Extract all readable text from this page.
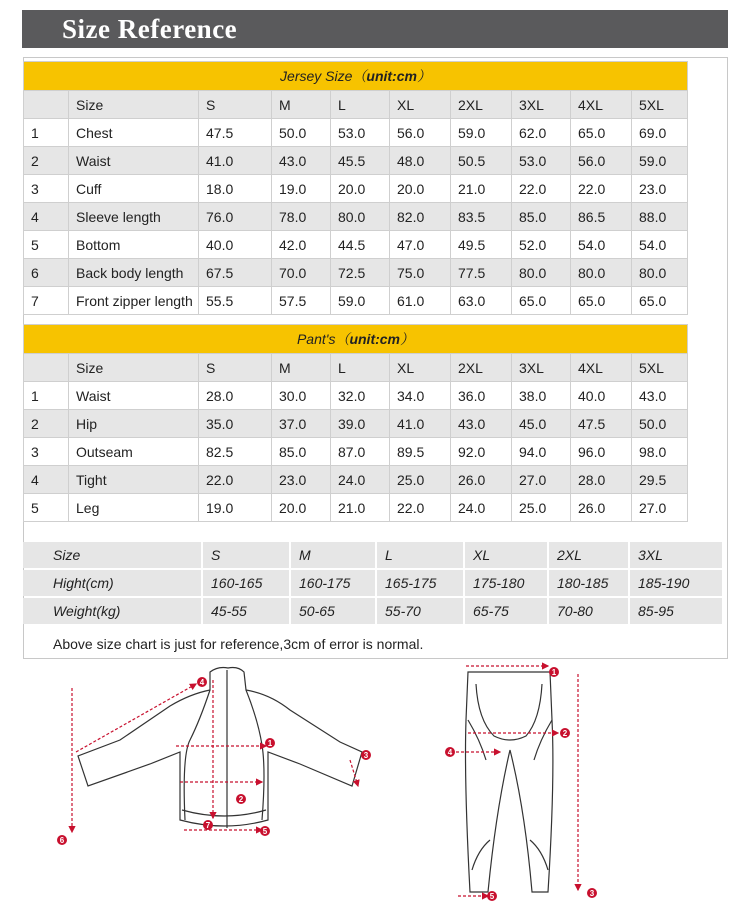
Size Reference
Jersey Size（unit:cm）									
	Size	S	M	L	XL	2XL	3XL	4XL	5XL
1	Chest	47.5	50.0	53.0	56.0	59.0	62.0	65.0	69.0
2	Waist	41.0	43.0	45.5	48.0	50.5	53.0	56.0	59.0
3	Cuff	18.0	19.0	20.0	20.0	21.0	22.0	22.0	23.0
4	Sleeve length	76.0	78.0	80.0	82.0	83.5	85.0	86.5	88.0
5	Bottom	40.0	42.0	44.5	47.0	49.5	52.0	54.0	54.0
6	Back body length	67.5	70.0	72.5	75.0	77.5	80.0	80.0	80.0
7	Front zipper length	55.5	57.5	59.0	61.0	63.0	65.0	65.0	65.0
Pant's（unit:cm）									
	Size	S	M	L	XL	2XL	3XL	4XL	5XL
1	Waist	28.0	30.0	32.0	34.0	36.0	38.0	40.0	43.0
2	Hip	35.0	37.0	39.0	41.0	43.0	45.0	47.5	50.0
3	Outseam	82.5	85.0	87.0	89.5	92.0	94.0	96.0	98.0
4	Tight	22.0	23.0	24.0	25.0	26.0	27.0	28.0	29.5
5	Leg	19.0	20.0	21.0	22.0	24.0	25.0	26.0	27.0
Size	S	M	L	XL	2XL	3XL
Hight(cm)	160-165	160-175	165-175	175-180	180-185	185-190
Weight(kg)	45-55	50-65	55-70	65-75	70-80	85-95
Above size chart is just for reference,3cm of error is normal.
1
2
3
4
5
6
7
1
2
4
5	3
